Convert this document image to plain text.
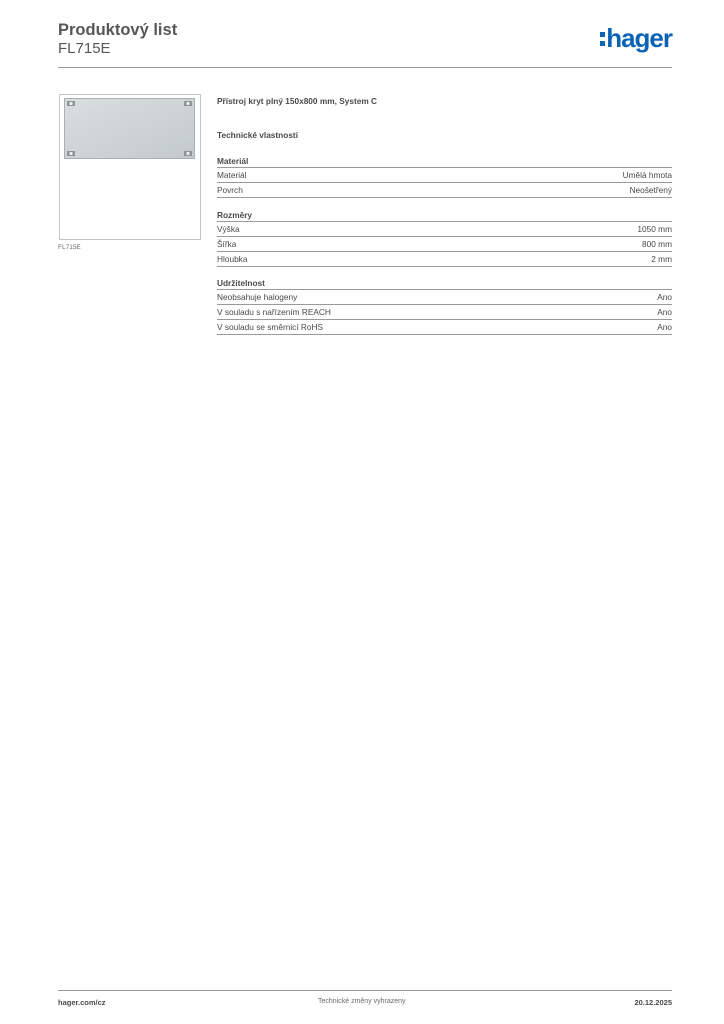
Produktový list
FL715E	hager
FL715E
Přístroj kryt plný 150x800 mm, System C
Technické vlastnosti
Materiál
Materiál	Umělá hmota
Povrch	Neošetřený
Rozměry
Výška	1050 mm
Šířka	800 mm
Hloubka	2 mm
Udržitelnost
Neobsahuje halogeny	Ano
V souladu s nařízením REACH	Ano
V souladu se směrnicí RoHS	Ano
hager.com/cz	Technické změny vyhrazeny	20.12.2025
